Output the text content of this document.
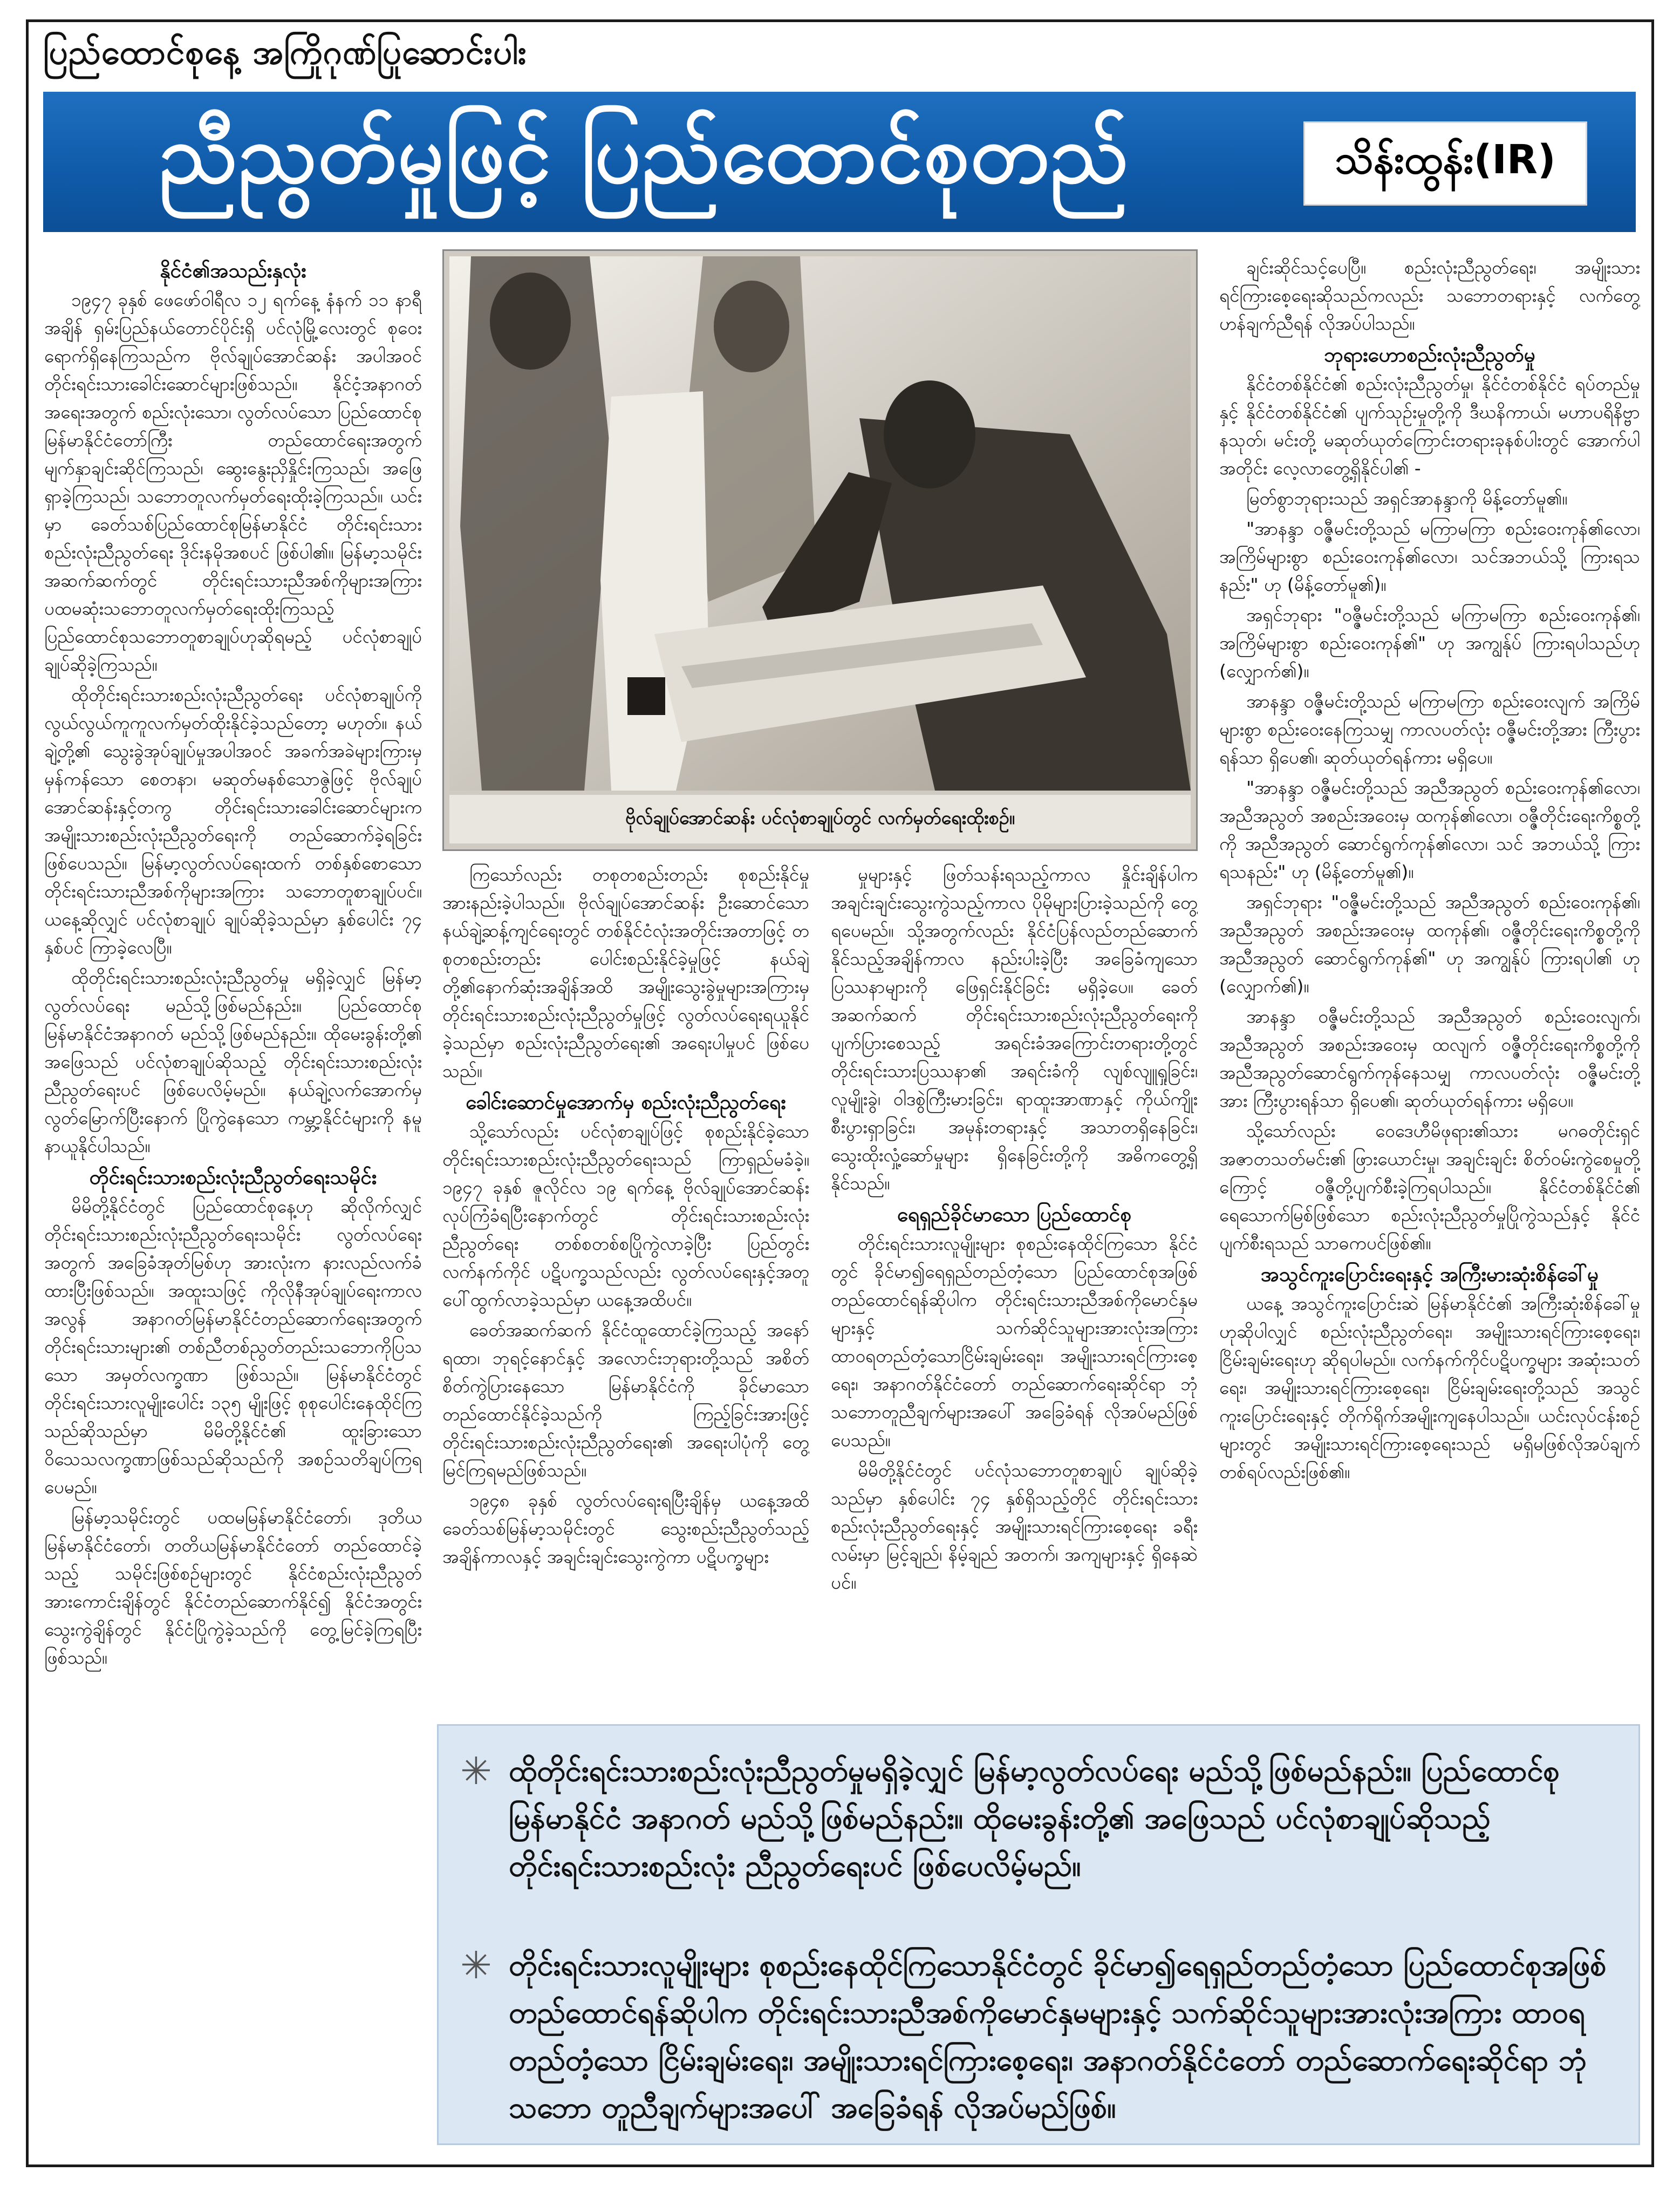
ပြည်ထောင်စုနေ့ အကြိုဂုဏ်ပြုဆောင်းပါး
ညီညွတ်မှုဖြင့် ပြည်ထောင်စုတည်	သိန်းထွန်း(IR)
နိုင်ငံ၏အသည်းနှလုံး

၁၉၄၇ ခုနှစ် ဖေဖော်ဝါရီလ ၁၂ ရက်နေ့ နံနက် ၁၁ နာရီအချိန် ရှမ်းပြည်နယ်တောင်ပိုင်းရှိ ပင်လုံမြို့လေးတွင် စုဝေးရောက်ရှိနေကြသည်က ဗိုလ်ချုပ်အောင်ဆန်း အပါအဝင် တိုင်းရင်းသားခေါင်းဆောင်များဖြစ်သည်။ နိုင်ငံ့အနာဂတ်အရေးအတွက် စည်းလုံးသော၊ လွတ်လပ်သော ပြည်ထောင်စုမြန်မာနိုင်ငံတော်ကြီး တည်ထောင်ရေးအတွက် မျက်နှာချင်းဆိုင်ကြသည်၊ ဆွေးနွေးညှိနှိုင်းကြသည်၊ အဖြေရှာခဲ့ကြသည်၊ သဘောတူလက်မှတ်ရေးထိုးခဲ့ကြသည်။ ယင်းမှာ ခေတ်သစ်ပြည်ထောင်စုမြန်မာနိုင်ငံ တိုင်းရင်းသားစည်းလုံးညီညွတ်ရေး ဒိုင်းနမိုအစပင် ဖြစ်ပါ၏။ မြန်မာ့သမိုင်းအဆက်ဆက်တွင် တိုင်းရင်းသားညီအစ်ကိုများအကြား ပထမဆုံးသဘောတူလက်မှတ်ရေးထိုးကြသည့် ပြည်ထောင်စုသဘောတူစာချုပ်ဟုဆိုရမည့် ပင်လုံစာချုပ် ချုပ်ဆိုခဲ့ကြသည်။

ထိုတိုင်းရင်းသားစည်းလုံးညီညွတ်ရေး ပင်လုံစာချုပ်ကို လွယ်လွယ်ကူကူလက်မှတ်ထိုးနိုင်ခဲ့သည်တော့ မဟုတ်။ နယ်ချဲ့တို့၏ သွေးခွဲအုပ်ချုပ်မှုအပါအဝင် အခက်အခဲများကြားမှ မှန်ကန်သော စေတနာ၊ မဆုတ်မနစ်သောဇွဲဖြင့် ဗိုလ်ချုပ်အောင်ဆန်းနှင့်တကွ တိုင်းရင်းသားခေါင်းဆောင်များက အမျိုးသားစည်းလုံးညီညွတ်ရေးကို တည်ဆောက်ခဲ့ရခြင်း ဖြစ်ပေသည်။ မြန်မာ့လွတ်လပ်ရေးထက် တစ်နှစ်စောသော တိုင်းရင်းသားညီအစ်ကိုများအကြား သဘောတူစာချုပ်ပင်။ ယနေ့ဆိုလျှင် ပင်လုံစာချုပ် ချုပ်ဆိုခဲ့သည်မှာ နှစ်ပေါင်း ၇၄ နှစ်ပင် ကြာခဲ့လေပြီ။

ထိုတိုင်းရင်းသားစည်းလုံးညီညွတ်မှု မရှိခဲ့လျှင် မြန်မာ့လွတ်လပ်ရေး မည်သို့ဖြစ်မည်နည်း။ ပြည်ထောင်စုမြန်မာနိုင်ငံအနာဂတ် မည်သို့ဖြစ်မည်နည်း။ ထိုမေးခွန်းတို့၏ အဖြေသည် ပင်လုံစာချုပ်ဆိုသည့် တိုင်းရင်းသားစည်းလုံးညီညွတ်ရေးပင် ဖြစ်ပေလိမ့်မည်။ နယ်ချဲ့လက်အောက်မှ လွတ်မြောက်ပြီးနောက် ပြိုကွဲနေသော ကမ္ဘာ့နိုင်ငံများကို နမူနာယူနိုင်ပါသည်။

တိုင်းရင်းသားစည်းလုံးညီညွတ်ရေးသမိုင်း

မိမိတို့နိုင်ငံတွင် ပြည်ထောင်စုနေ့ဟု ဆိုလိုက်လျှင် တိုင်းရင်းသားစည်းလုံးညီညွတ်ရေးသမိုင်း လွတ်လပ်ရေးအတွက် အခြေခံအုတ်မြစ်ဟု အားလုံးက နားလည်လက်ခံထားပြီးဖြစ်သည်။ အထူးသဖြင့် ကိုလိုနီအုပ်ချုပ်ရေးကာလအလွန် အနာဂတ်မြန်မာနိုင်ငံတည်ဆောက်ရေးအတွက် တိုင်းရင်းသားများ၏ တစ်ညီတစ်ညွတ်တည်းသဘောကိုပြသသော အမှတ်လက္ခဏာ ဖြစ်သည်။ မြန်မာနိုင်ငံတွင် တိုင်းရင်းသားလူမျိုးပေါင်း ၁၃၅ မျိုးဖြင့် စုစုပေါင်းနေထိုင်ကြသည်ဆိုသည်မှာ မိမိတို့နိုင်ငံ၏ ထူးခြားသော ဝိသေသလက္ခဏာဖြစ်သည်ဆိုသည်ကို အစဉ်သတိချပ်ကြရပေမည်။

မြန်မာ့သမိုင်းတွင် ပထမမြန်မာနိုင်ငံတော်၊ ဒုတိယမြန်မာနိုင်ငံတော်၊ တတိယမြန်မာနိုင်ငံတော် တည်ထောင်ခဲ့သည့် သမိုင်းဖြစ်စဉ်များတွင် နိုင်ငံစည်းလုံးညီညွတ်အားကောင်းချိန်တွင် နိုင်ငံတည်ဆောက်နိုင်၍ နိုင်ငံအတွင်း သွေးကွဲချိန်တွင် နိုင်ငံပြိုကွဲခဲ့သည်ကို တွေ့မြင်ခဲ့ကြရပြီးဖြစ်သည်။

ဗိုလ်ချုပ်အောင်ဆန်း ပင်လုံစာချုပ်တွင် လက်မှတ်ရေးထိုးစဉ်။

ကြသော်လည်း တစုတစည်းတည်း စုစည်းနိုင်မှုအားနည်းခဲ့ပါသည်။ ဗိုလ်ချုပ်အောင်ဆန်း ဦးဆောင်သော နယ်ချဲ့ဆန့်ကျင်ရေးတွင် တစ်နိုင်ငံလုံးအတိုင်းအတာဖြင့် တစုတစည်းတည်း ပေါင်းစည်းနိုင်ခဲ့မှုဖြင့် နယ်ချဲ့တို့၏နောက်ဆုံးအချိန်အထိ အမျိုးသွေးခွဲမှုများအကြားမှ တိုင်းရင်းသားစည်းလုံးညီညွတ်မှုဖြင့် လွတ်လပ်ရေးရယူနိုင်ခဲ့သည်မှာ စည်းလုံးညီညွတ်ရေး၏ အရေးပါမှုပင် ဖြစ်ပေသည်။

ခေါင်းဆောင်မှုအောက်မှ စည်းလုံးညီညွတ်ရေး

သို့သော်လည်း ပင်လုံစာချုပ်ဖြင့် စုစည်းနိုင်ခဲ့သော တိုင်းရင်းသားစည်းလုံးညီညွတ်ရေးသည် ကြာရှည်မခံခဲ့။ ၁၉၄၇ ခုနှစ် ဇူလိုင်လ ၁၉ ရက်နေ့ ဗိုလ်ချုပ်အောင်ဆန်း လုပ်ကြံခံရပြီးနောက်တွင် တိုင်းရင်းသားစည်းလုံးညီညွတ်ရေး တစ်စတစ်စပြိုကွဲလာခဲ့ပြီး ပြည်တွင်းလက်နက်ကိုင် ပဋိပက္ခသည်လည်း လွတ်လပ်ရေးနှင့်အတူ ပေါ်ထွက်လာခဲ့သည်မှာ ယနေ့အထိပင်။

ခေတ်အဆက်ဆက် နိုင်ငံထူထောင်ခဲ့ကြသည့် အနော်ရထာ၊ ဘုရင့်နောင်နှင့် အလောင်းဘုရားတို့သည် အစိတ်စိတ်ကွဲပြားနေသော မြန်မာနိုင်ငံကို ခိုင်မာသော တည်ထောင်နိုင်ခဲ့သည်ကို ကြည့်ခြင်းအားဖြင့် တိုင်းရင်းသားစည်းလုံးညီညွတ်ရေး၏ အရေးပါပုံကို တွေ့မြင်ကြရမည်ဖြစ်သည်။

၁၉၄၈ ခုနှစ် လွတ်လပ်ရေးရပြီးချိန်မှ ယနေ့အထိ ခေတ်သစ်မြန်မာ့သမိုင်းတွင် သွေးစည်းညီညွတ်သည့် အချိန်ကာလနှင့် အချင်းချင်းသွေးကွဲကာ ပဋိပက္ခများ

မှုများနှင့် ဖြတ်သန်းရသည့်ကာလ နှိုင်းချိန်ပါက အချင်းချင်းသွေးကွဲသည့်ကာလ ပိုမိုများပြားခဲ့သည်ကို တွေ့ရပေမည်။ သို့အတွက်လည်း နိုင်ငံပြန်လည်တည်ဆောက်နိုင်သည့်အချိန်ကာလ နည်းပါးခဲ့ပြီး အခြေခံကျသော ပြဿနာများကို ဖြေရှင်းနိုင်ခြင်း မရှိခဲ့ပေ။ ခေတ်အဆက်ဆက် တိုင်းရင်းသားစည်းလုံးညီညွတ်ရေးကို ပျက်ပြားစေသည့် အရင်းခံအကြောင်းတရားတို့တွင် တိုင်းရင်းသားပြဿနာ၏ အရင်းခံကို လျစ်လျူရှုခြင်း၊ လူမျိုးခွဲ၊ ဝါဒစွဲကြီးမားခြင်း၊ ရာထူးအာဏာနှင့် ကိုယ်ကျိုးစီးပွားရှာခြင်း၊ အမုန်းတရားနှင့် အသာတရှိနေခြင်း၊ သွေးထိုးလှုံ့ဆော်မှုများ ရှိနေခြင်းတို့ကို အဓိကတွေ့ရှိနိုင်သည်။

ရေရှည်ခိုင်မာသော ပြည်ထောင်စု

တိုင်းရင်းသားလူမျိုးများ စုစည်းနေထိုင်ကြသော နိုင်ငံတွင် ခိုင်မာ၍ရေရှည်တည်တံ့သော ပြည်ထောင်စုအဖြစ် တည်ထောင်ရန်ဆိုပါက တိုင်းရင်းသားညီအစ်ကိုမောင်နှမများနှင့် သက်ဆိုင်သူများအားလုံးအကြား ထာဝရတည်တံ့သောငြိမ်းချမ်းရေး၊ အမျိုးသားရင်ကြားစေ့ရေး၊ အနာဂတ်နိုင်ငံတော် တည်ဆောက်ရေးဆိုင်ရာ ဘုံသဘောတူညီချက်များအပေါ် အခြေခံရန် လိုအပ်မည်ဖြစ်ပေသည်။

မိမိတို့နိုင်ငံတွင် ပင်လုံသဘောတူစာချုပ် ချုပ်ဆိုခဲ့သည်မှာ နှစ်ပေါင်း ၇၄ နှစ်ရှိသည့်တိုင် တိုင်းရင်းသားစည်းလုံးညီညွတ်ရေးနှင့် အမျိုးသားရင်ကြားစေ့ရေး ခရီးလမ်းမှာ မြင့်ချည်၊ နိမ့်ချည် အတက်၊ အကျများနှင့် ရှိနေဆဲပင်။

ချင်းဆိုင်သင့်ပေပြီ။ စည်းလုံးညီညွတ်ရေး၊ အမျိုးသားရင်ကြားစေ့ရေးဆိုသည်ကလည်း သဘောတရားနှင့် လက်တွေ့ဟန်ချက်ညီရန် လိုအပ်ပါသည်။

ဘုရားဟောစည်းလုံးညီညွတ်မှု

နိုင်ငံတစ်နိုင်ငံ၏ စည်းလုံးညီညွတ်မှု၊ နိုင်ငံတစ်နိုင်ငံ ရပ်တည်မှုနှင့် နိုင်ငံတစ်နိုင်ငံ၏ ပျက်သုဉ်းမှုတို့ကို ဒီဃနိကာယ်၊ မဟာပရိနိဗ္ဗာနသုတ်၊ မင်းတို့ မဆုတ်ယုတ်ကြောင်းတရားခုနစ်ပါးတွင် အောက်ပါအတိုင်း လေ့လာတွေ့ရှိနိုင်ပါ၏ -

မြတ်စွာဘုရားသည် အရှင်အာနန္ဒာကို မိန့်တော်မူ၏။

"အာနန္ဒာ ဝဇ္ဇီမင်းတို့သည် မကြာမကြာ စည်းဝေးကုန်၏လော၊ အကြိမ်များစွာ စည်းဝေးကုန်၏လော၊ သင်အဘယ်သို့ ကြားရသနည်း" ဟု (မိန့်တော်မူ၏)။

အရှင်ဘုရား "ဝဇ္ဇီမင်းတို့သည် မကြာမကြာ စည်းဝေးကုန်၏၊ အကြိမ်များစွာ စည်းဝေးကုန်၏" ဟု အကျွန်ုပ် ကြားရပါသည်ဟု (လျှောက်၏)။

အာနန္ဒာ ဝဇ္ဇီမင်းတို့သည် မကြာမကြာ စည်းဝေးလျက် အကြိမ်များစွာ စည်းဝေးနေကြသမျှ ကာလပတ်လုံး ဝဇ္ဇီမင်းတို့အား ကြီးပွားရန်သာ ရှိပေ၏၊ ဆုတ်ယုတ်ရန်ကား မရှိပေ။

"အာနန္ဒာ ဝဇ္ဇီမင်းတို့သည် အညီအညွတ် စည်းဝေးကုန်၏လော၊ အညီအညွတ် အစည်းအဝေးမှ ထကုန်၏လော၊ ဝဇ္ဇီတိုင်းရေးကိစ္စတို့ကို အညီအညွတ် ဆောင်ရွက်ကုန်၏လော၊ သင် အဘယ်သို့ ကြားရသနည်း" ဟု (မိန့်တော်မူ၏)။

အရှင်ဘုရား "ဝဇ္ဇီမင်းတို့သည် အညီအညွတ် စည်းဝေးကုန်၏၊ အညီအညွတ် အစည်းအဝေးမှ ထကုန်၏၊ ဝဇ္ဇီတိုင်းရေးကိစ္စတို့ကို အညီအညွတ် ဆောင်ရွက်ကုန်၏" ဟု အကျွန်ုပ် ကြားရပါ၏ ဟု (လျှောက်၏)။

အာနန္ဒာ ဝဇ္ဇီမင်းတို့သည် အညီအညွတ် စည်းဝေးလျက်၊ အညီအညွတ် အစည်းအဝေးမှ ထလျက် ဝဇ္ဇီတိုင်းရေးကိစ္စတို့ကို အညီအညွတ်ဆောင်ရွက်ကုန်နေသမျှ ကာလပတ်လုံး ဝဇ္ဇီမင်းတို့အား ကြီးပွားရန်သာ ရှိပေ၏၊ ဆုတ်ယုတ်ရန်ကား မရှိပေ။

သို့သော်လည်း ဝေဒေဟီမိဖုရား၏သား မဂဓတိုင်းရှင် အဇာတသတ်မင်း၏ ဖြားယောင်းမှု၊ အချင်းချင်း စိတ်ဝမ်းကွဲစေမှုတို့ကြောင့် ဝဇ္ဇီတို့ပျက်စီးခဲ့ကြရပါသည်။ နိုင်ငံတစ်နိုင်ငံ၏ ရေသောက်မြစ်ဖြစ်သော စည်းလုံးညီညွတ်မှုပြိုကွဲသည်နှင့် နိုင်ငံပျက်စီးရသည် သာဓကပင်ဖြစ်၏။

အသွင်ကူးပြောင်းရေးနှင့် အကြီးမားဆုံးစိန်ခေါ်မှု

ယနေ့ အသွင်ကူးပြောင်းဆဲ မြန်မာနိုင်ငံ၏ အကြီးဆုံးစိန်ခေါ်မှုဟုဆိုပါလျှင် စည်းလုံးညီညွတ်ရေး၊ အမျိုးသားရင်ကြားစေ့ရေး၊ ငြိမ်းချမ်းရေးဟု ဆိုရပါမည်။ လက်နက်ကိုင်ပဋိပက္ခများ အဆုံးသတ်ရေး၊ အမျိုးသားရင်ကြားစေ့ရေး၊ ငြိမ်းချမ်းရေးတို့သည် အသွင်ကူးပြောင်းရေးနှင့် တိုက်ရိုက်အမျိုးကျနေပါသည်။ ယင်းလုပ်ငန်းစဉ်များတွင် အမျိုးသားရင်ကြားစေ့ရေးသည် မရှိမဖြစ်လိုအပ်ချက် တစ်ရပ်လည်းဖြစ်၏။

✳ ထိုတိုင်းရင်းသားစည်းလုံးညီညွတ်မှုမရှိခဲ့လျှင် မြန်မာ့လွတ်လပ်ရေး မည်သို့ဖြစ်မည်နည်း။ ပြည်ထောင်စု မြန်မာနိုင်ငံ အနာဂတ် မည်သို့ဖြစ်မည်နည်း။ ထိုမေးခွန်းတို့၏ အဖြေသည် ပင်လုံစာချုပ်ဆိုသည့် တိုင်းရင်းသားစည်းလုံး ညီညွတ်ရေးပင် ဖြစ်ပေလိမ့်မည်။
✳ တိုင်းရင်းသားလူမျိုးများ စုစည်းနေထိုင်ကြသောနိုင်ငံတွင် ခိုင်မာ၍ရေရှည်တည်တံ့သော ပြည်ထောင်စုအဖြစ် တည်ထောင်ရန်ဆိုပါက တိုင်းရင်းသားညီအစ်ကိုမောင်နှမများနှင့် သက်ဆိုင်သူများအားလုံးအကြား ထာဝရ တည်တံ့သော ငြိမ်းချမ်းရေး၊ အမျိုးသားရင်ကြားစေ့ရေး၊ အနာဂတ်နိုင်ငံတော် တည်ဆောက်ရေးဆိုင်ရာ ဘုံသဘော တူညီချက်များအပေါ် အခြေခံရန် လိုအပ်မည်ဖြစ်။
